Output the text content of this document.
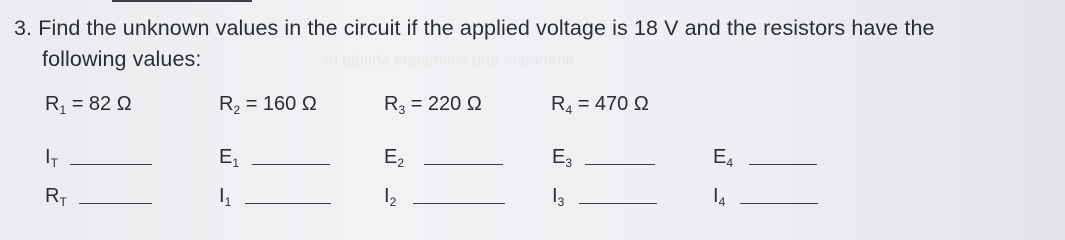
ammeters and voltmeters should be
3. Find the unknown values in the circuit if the applied voltage is 18 V and the resistors have the
following values:
$R_1 = 82$ Ω	$R_2 = 160$ Ω	$R_3 = 220$ Ω	$R_4 = 470$ Ω
$I_T$	$E_1$	$E_2$	$E_3$	$E_4$
$R_T$	$I_1$	$I_2$	$I_3$	$I_4$
